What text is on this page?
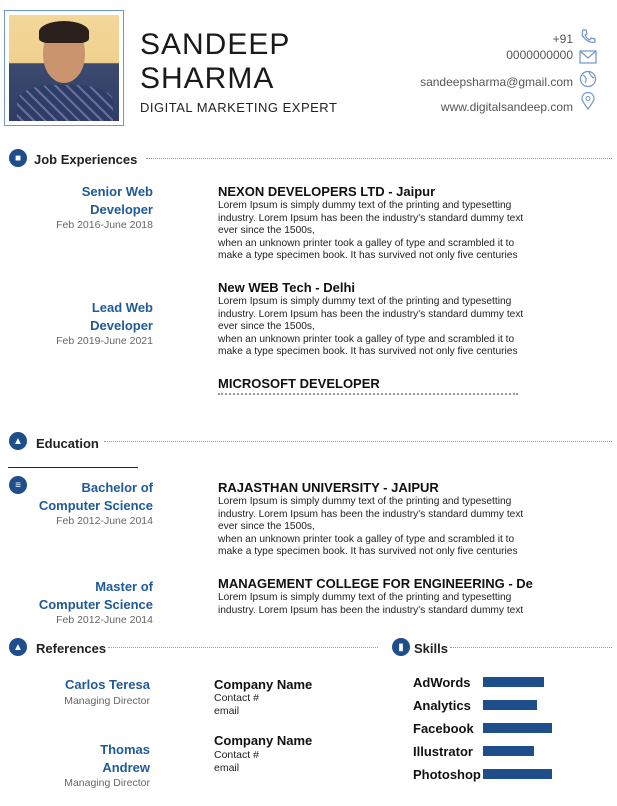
SANDEEP
SHARMA
DIGITAL MARKETING EXPERT
+91
0000000000
sandeepsharma@gmail.com
www.digitalsandeep.com
■ Job Experiences
Senior Web
Developer
Feb 2016-June 2018
NEXON DEVELOPERS LTD - Jaipur
Lorem Ipsum is simply dummy text of the printing and typesetting
industry. Lorem Ipsum has been the industry's standard dummy text
ever since the 1500s,
when an unknown printer took a galley of type and scrambled it to
make a type specimen book. It has survived not only five centuries
Lead Web
Developer
Feb 2019-June 2021
New WEB Tech - Delhi
Lorem Ipsum is simply dummy text of the printing and typesetting
industry. Lorem Ipsum has been the industry's standard dummy text
ever since the 1500s,
when an unknown printer took a galley of type and scrambled it to
make a type specimen book. It has survived not only five centuries
MICROSOFT DEVELOPER
▲	Education
≡	Bachelor of
Computer Science
Feb 2012-June 2014
RAJASTHAN UNIVERSITY - JAIPUR
Lorem Ipsum is simply dummy text of the printing and typesetting
industry. Lorem Ipsum has been the industry's standard dummy text
ever since the 1500s,
when an unknown printer took a galley of type and scrambled it to
make a type specimen book. It has survived not only five centuries
Master of
Computer Science
Feb 2012-June 2014
MANAGEMENT COLLEGE FOR ENGINEERING - De
Lorem Ipsum is simply dummy text of the printing and typesetting
industry. Lorem Ipsum has been the industry's standard dummy text
▲	References	▮ Skills
Carlos Teresa
Managing Director
Company Name
Contact #
email
Thomas
Andrew
Managing Director
Company Name
Contact #
email
AdWords
Analytics
Facebook
Illustrator
Photoshop
